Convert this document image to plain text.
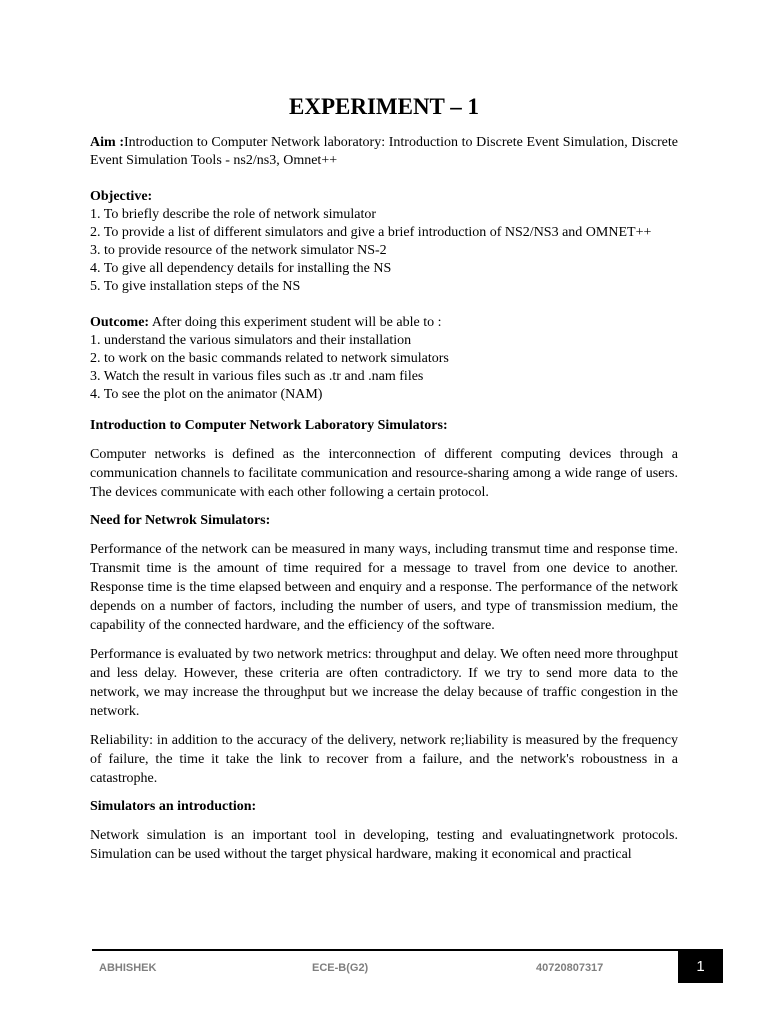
EXPERIMENT – 1
Aim :Introduction to Computer Network laboratory: Introduction to Discrete Event Simulation, Discrete Event Simulation Tools - ns2/ns3, Omnet++
Objective:
1. To briefly describe the role of network simulator
2. To provide a list of different simulators and give a brief introduction of NS2/NS3 and OMNET++
3. to provide resource of the network simulator NS-2
4. To give all dependency details for installing the NS
5. To give installation steps of the NS
Outcome: After doing this experiment student will be able to :
1. understand the various simulators and their installation
2. to work on the basic commands related to network simulators
3. Watch the result in various files such as .tr and .nam files
4. To see the plot on the animator (NAM)
Introduction to Computer Network Laboratory Simulators:
Computer networks is defined as the interconnection of different computing devices through a communication channels to facilitate communication and resource-sharing among a wide range of users. The devices communicate with each other following a certain protocol.
Need for Netwrok Simulators:
Performance of the network can be measured in many ways, including transmut time and response time. Transmit time is the amount of time required for a message to travel from one device to another. Response time is the time elapsed between and enquiry and a response. The performance of the network depends on a number of factors, including the number of users, and type of transmission medium, the capability of the connected hardware, and the efficiency of the software.
Performance is evaluated by two network metrics: throughput and delay. We often need more throughput and less delay. However, these criteria are often contradictory. If we try to send more data to the network, we may increase the throughput but we increase the delay because of traffic congestion in the network.
Reliability: in addition to the accuracy of the delivery, network re;liability is measured by the frequency of failure, the time it take the link to recover from a failure, and the network's roboustness in a catastrophe.
Simulators an introduction:
Network simulation is an important tool in developing, testing and evaluatingnetwork protocols. Simulation can be used without the target physical hardware, making it economical and practical
ABHISHEK	ECE-B(G2)	40720807317	1
